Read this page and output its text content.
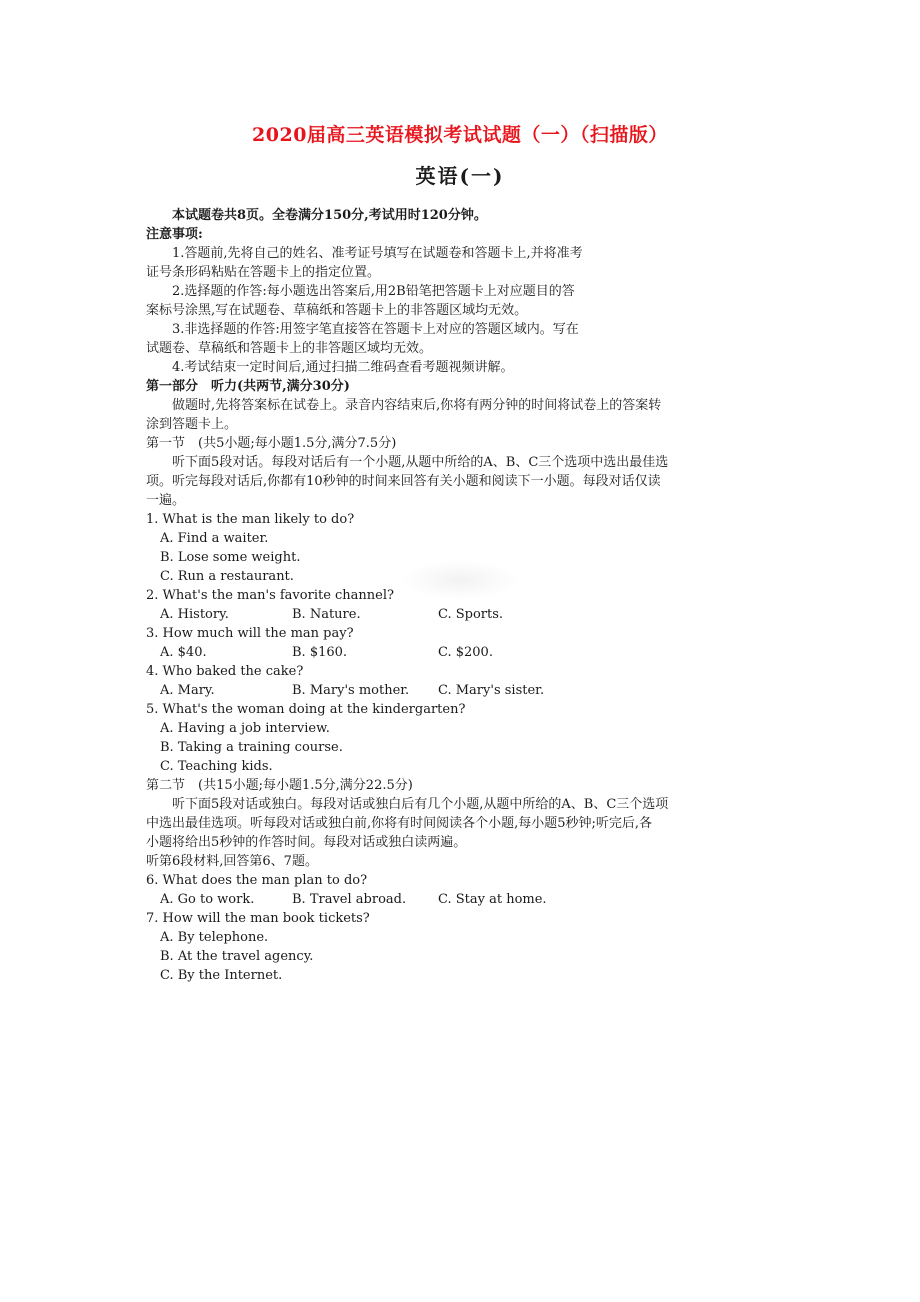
2020届高三英语模拟考试试题（一）（扫描版）
英语(一)
本试题卷共8页。全卷满分150分,考试用时120分钟。
注意事项:
1.答题前,先将自己的姓名、准考证号填写在试题卷和答题卡上,并将准考
证号条形码粘贴在答题卡上的指定位置。
2.选择题的作答:每小题选出答案后,用2B铅笔把答题卡上对应题目的答
案标号涂黑,写在试题卷、草稿纸和答题卡上的非答题区域均无效。
3.非选择题的作答:用签字笔直接答在答题卡上对应的答题区域内。写在
试题卷、草稿纸和答题卡上的非答题区域均无效。
4.考试结束一定时间后,通过扫描二维码查看考题视频讲解。
第一部分　听力(共两节,满分30分)
做题时,先将答案标在试卷上。录音内容结束后,你将有两分钟的时间将试卷上的答案转
涂到答题卡上。
第一节　(共5小题;每小题1.5分,满分7.5分)
听下面5段对话。每段对话后有一个小题,从题中所给的A、B、C三个选项中选出最佳选
项。听完每段对话后,你都有10秒钟的时间来回答有关小题和阅读下一小题。每段对话仅读
一遍。
1. What is the man likely to do?
A. Find a waiter.
B. Lose some weight.
C. Run a restaurant.
2. What's the man's favorite channel?
A. History.	B. Nature.	C. Sports.
3. How much will the man pay?
A. $40.	B. $160.	C. $200.
4. Who baked the cake?
A. Mary.	B. Mary's mother.	C. Mary's sister.
5. What's the woman doing at the kindergarten?
A. Having a job interview.
B. Taking a training course.
C. Teaching kids.
第二节　(共15小题;每小题1.5分,满分22.5分)
听下面5段对话或独白。每段对话或独白后有几个小题,从题中所给的A、B、C三个选项
中选出最佳选项。听每段对话或独白前,你将有时间阅读各个小题,每小题5秒钟;听完后,各
小题将给出5秒钟的作答时间。每段对话或独白读两遍。
听第6段材料,回答第6、7题。
6. What does the man plan to do?
A. Go to work.	B. Travel abroad.	C. Stay at home.
7. How will the man book tickets?
A. By telephone.
B. At the travel agency.
C. By the Internet.
